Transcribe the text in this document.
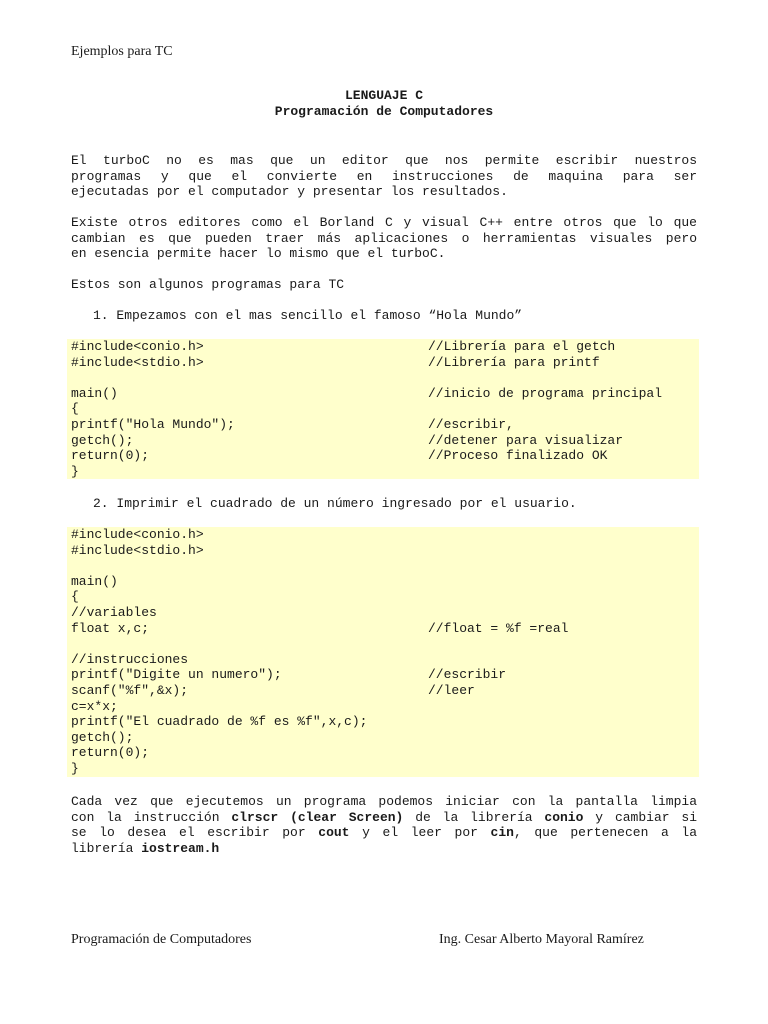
Ejemplos para TC
LENGUAJE C
Programación de Computadores
El turboC no es mas que un editor que nos permite escribir nuestros
programas y que el convierte en instrucciones de maquina para ser
ejecutadas por el computador y presentar los resultados.
Existe otros editores como el Borland C y visual C++ entre otros que lo que
cambian es que pueden traer más aplicaciones o herramientas visuales pero
en esencia permite hacer lo mismo que el turboC.
Estos son algunos programas para TC
1. Empezamos con el mas sencillo el famoso “Hola Mundo”
#include<conio.h>	//Librería para el getch
#include<stdio.h>	//Librería para printf
main()	//inicio de programa principal
{
printf("Hola Mundo");	//escribir,
getch();	//detener para visualizar
return(0);	//Proceso finalizado OK
}
2. Imprimir el cuadrado de un número ingresado por el usuario.
#include<conio.h>
#include<stdio.h>
main()
{
//variables
float x,c;	//float = %f =real
//instrucciones
printf("Digite un numero");	//escribir
scanf("%f",&x);	//leer
c=x*x;
printf("El cuadrado de %f es %f",x,c);
getch();
return(0);
}
Cada vez que ejecutemos un programa podemos iniciar con la pantalla limpia
con la instrucción clrscr (clear Screen) de la librería conio y cambiar si
se lo desea el escribir por cout y el leer por cin, que pertenecen a la
librería iostream.h
Programación de Computadores	Ing. Cesar Alberto Mayoral Ramírez
